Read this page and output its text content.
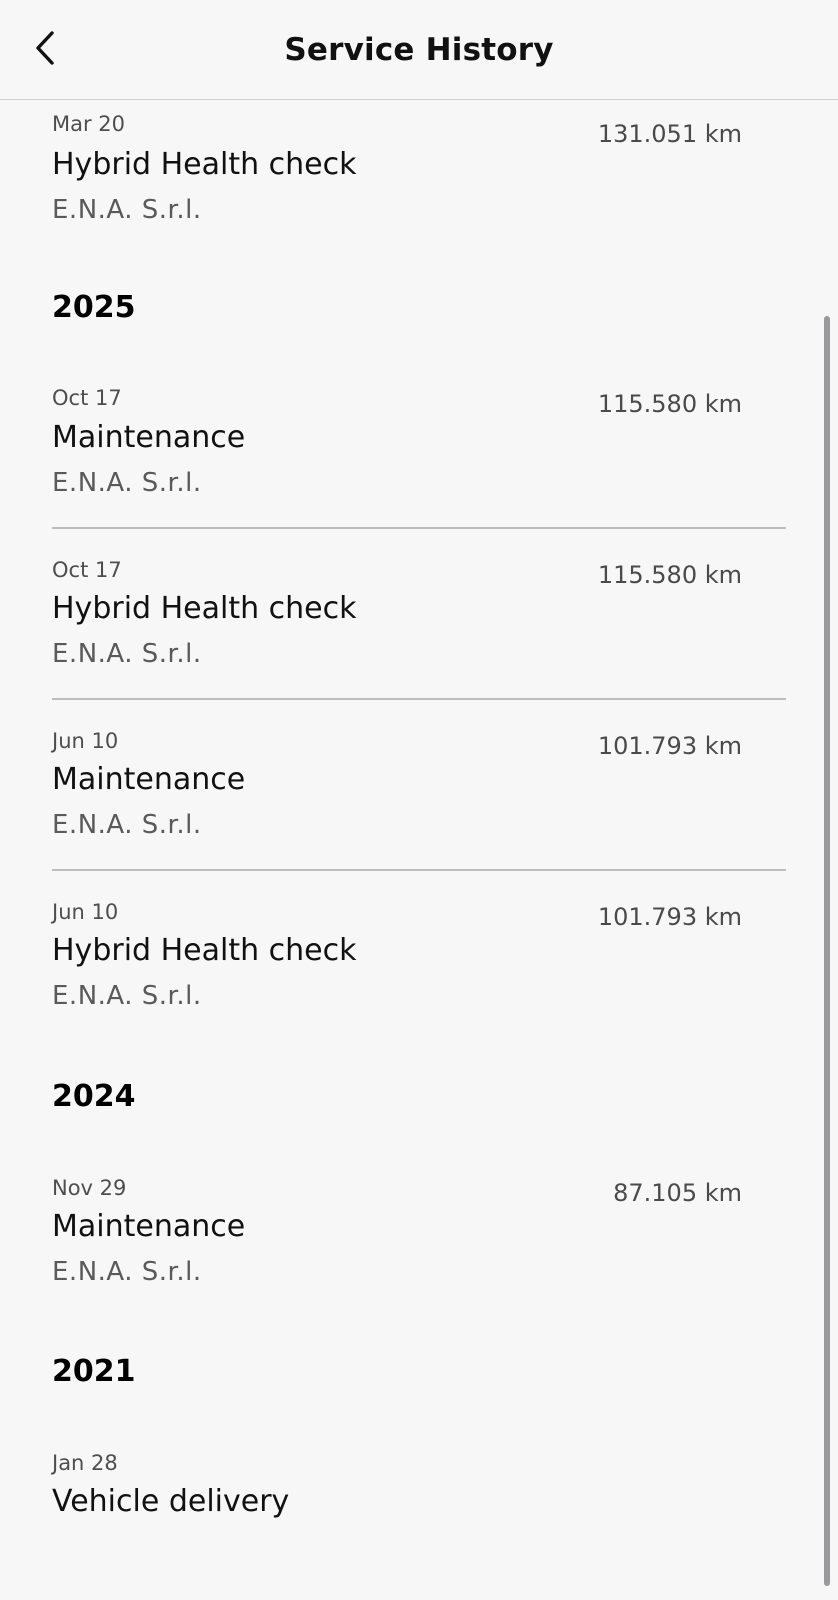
Service History
Mar 20	131.051 km
Hybrid Health check
E.N.A. S.r.l.
2025
Oct 17	115.580 km
Maintenance
E.N.A. S.r.l.
Oct 17	115.580 km
Hybrid Health check
E.N.A. S.r.l.
Jun 10	101.793 km
Maintenance
E.N.A. S.r.l.
Jun 10	101.793 km
Hybrid Health check
E.N.A. S.r.l.
2024
Nov 29	87.105 km
Maintenance
E.N.A. S.r.l.
2021
Jan 28
Vehicle delivery
